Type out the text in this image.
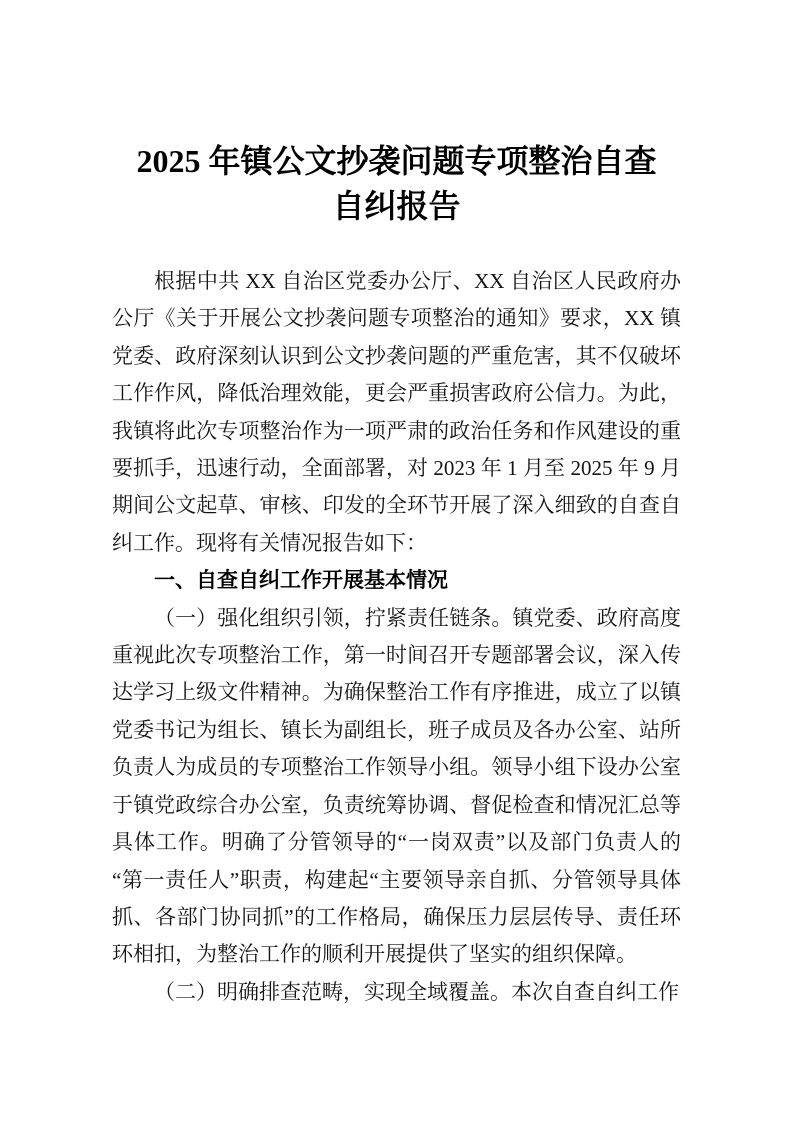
2025 年镇公文抄袭问题专项整治自查
自纠报告

根据中共 XX 自治区党委办公厅、XX 自治区人民政府办公厅《关于开展公文抄袭问题专项整治的通知》要求，XX 镇党委、政府深刻认识到公文抄袭问题的严重危害，其不仅破坏工作作风，降低治理效能，更会严重损害政府公信力。为此，我镇将此次专项整治作为一项严肃的政治任务和作风建设的重要抓手，迅速行动，全面部署，对 2023 年 1 月至 2025 年 9 月期间公文起草、审核、印发的全环节开展了深入细致的自查自纠工作。现将有关情况报告如下：

一、自查自纠工作开展基本情况

（一）强化组织引领，拧紧责任链条。镇党委、政府高度重视此次专项整治工作，第一时间召开专题部署会议，深入传达学习上级文件精神。为确保整治工作有序推进，成立了以镇党委书记为组长、镇长为副组长，班子成员及各办公室、站所负责人为成员的专项整治工作领导小组。领导小组下设办公室于镇党政综合办公室，负责统筹协调、督促检查和情况汇总等具体工作。明确了分管领导的“一岗双责”以及部门负责人的“第一责任人”职责，构建起“主要领导亲自抓、分管领导具体抓、各部门协同抓”的工作格局，确保压力层层传导、责任环环相扣，为整治工作的顺利开展提供了坚实的组织保障。

（二）明确排查范畴，实现全域覆盖。本次自查自纠工作
